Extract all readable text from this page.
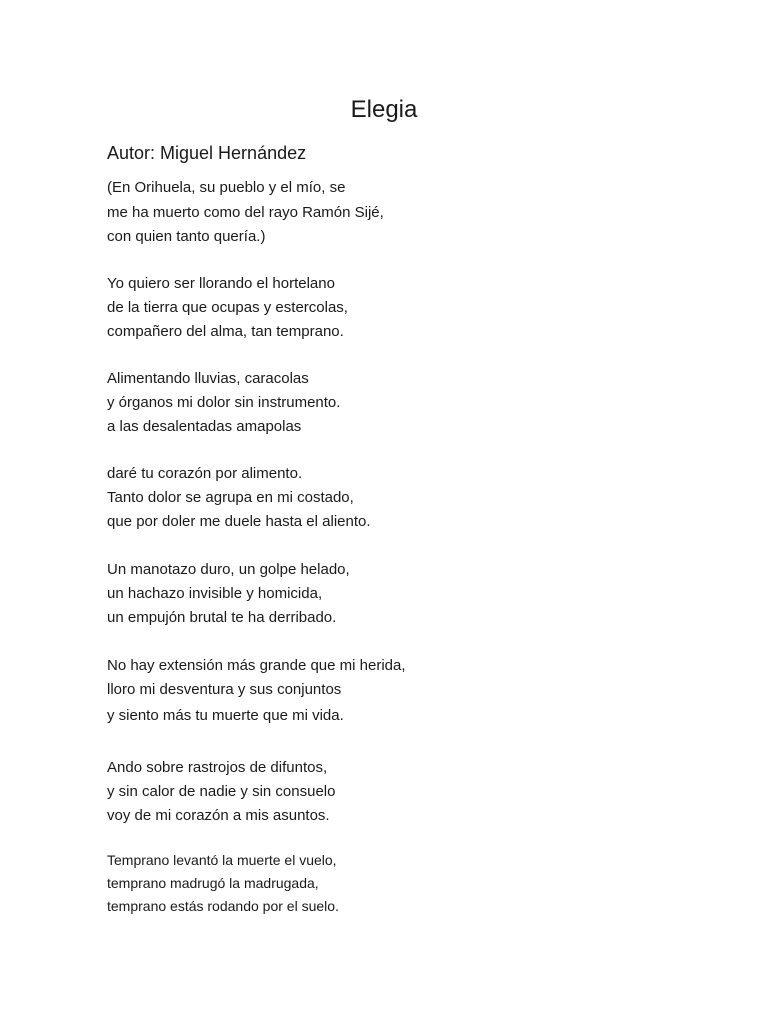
Elegia
Autor: Miguel Hernández
(En Orihuela, su pueblo y el mío, se
me ha muerto como del rayo Ramón Sijé,
con quien tanto quería.)
Yo quiero ser llorando el hortelano
de la tierra que ocupas y estercolas,
compañero del alma, tan temprano.
Alimentando lluvias, caracolas
y órganos mi dolor sin instrumento.
a las desalentadas amapolas
daré tu corazón por alimento.
Tanto dolor se agrupa en mi costado,
que por doler me duele hasta el aliento.
Un manotazo duro, un golpe helado,
un hachazo invisible y homicida,
un empujón brutal te ha derribado.
No hay extensión más grande que mi herida,
lloro mi desventura y sus conjuntos
y siento más tu muerte que mi vida.
Ando sobre rastrojos de difuntos,
y sin calor de nadie y sin consuelo
voy de mi corazón a mis asuntos.
Temprano levantó la muerte el vuelo,
temprano madrugó la madrugada,
temprano estás rodando por el suelo.
